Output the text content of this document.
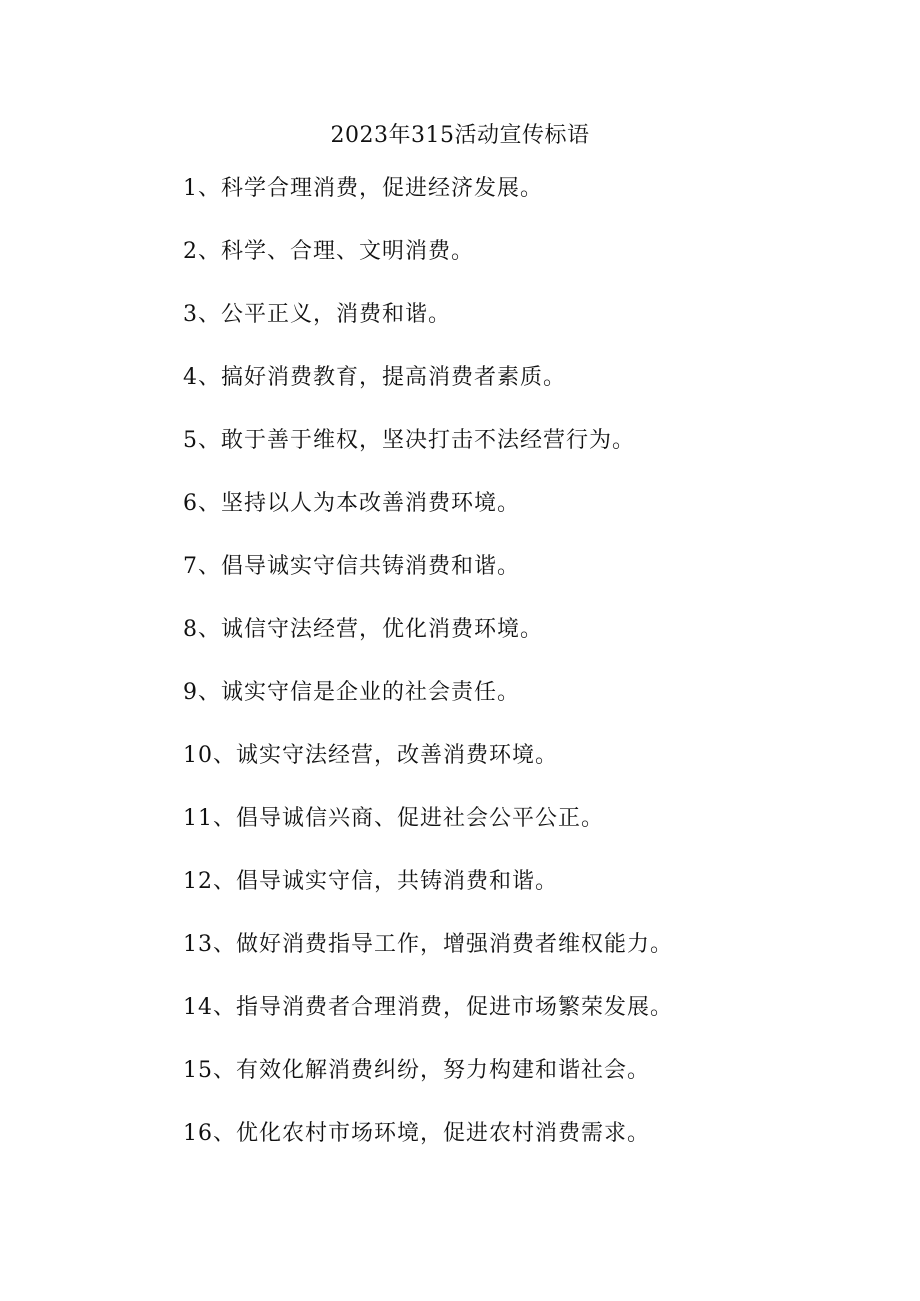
2023年315活动宣传标语
1、科学合理消费，促进经济发展。
2、科学、合理、文明消费。
3、公平正义，消费和谐。
4、搞好消费教育，提高消费者素质。
5、敢于善于维权，坚决打击不法经营行为。
6、坚持以人为本改善消费环境。
7、倡导诚实守信共铸消费和谐。
8、诚信守法经营，优化消费环境。
9、诚实守信是企业的社会责任。
10、诚实守法经营，改善消费环境。
11、倡导诚信兴商、促进社会公平公正。
12、倡导诚实守信，共铸消费和谐。
13、做好消费指导工作，增强消费者维权能力。
14、指导消费者合理消费，促进市场繁荣发展。
15、有效化解消费纠纷，努力构建和谐社会。
16、优化农村市场环境，促进农村消费需求。
